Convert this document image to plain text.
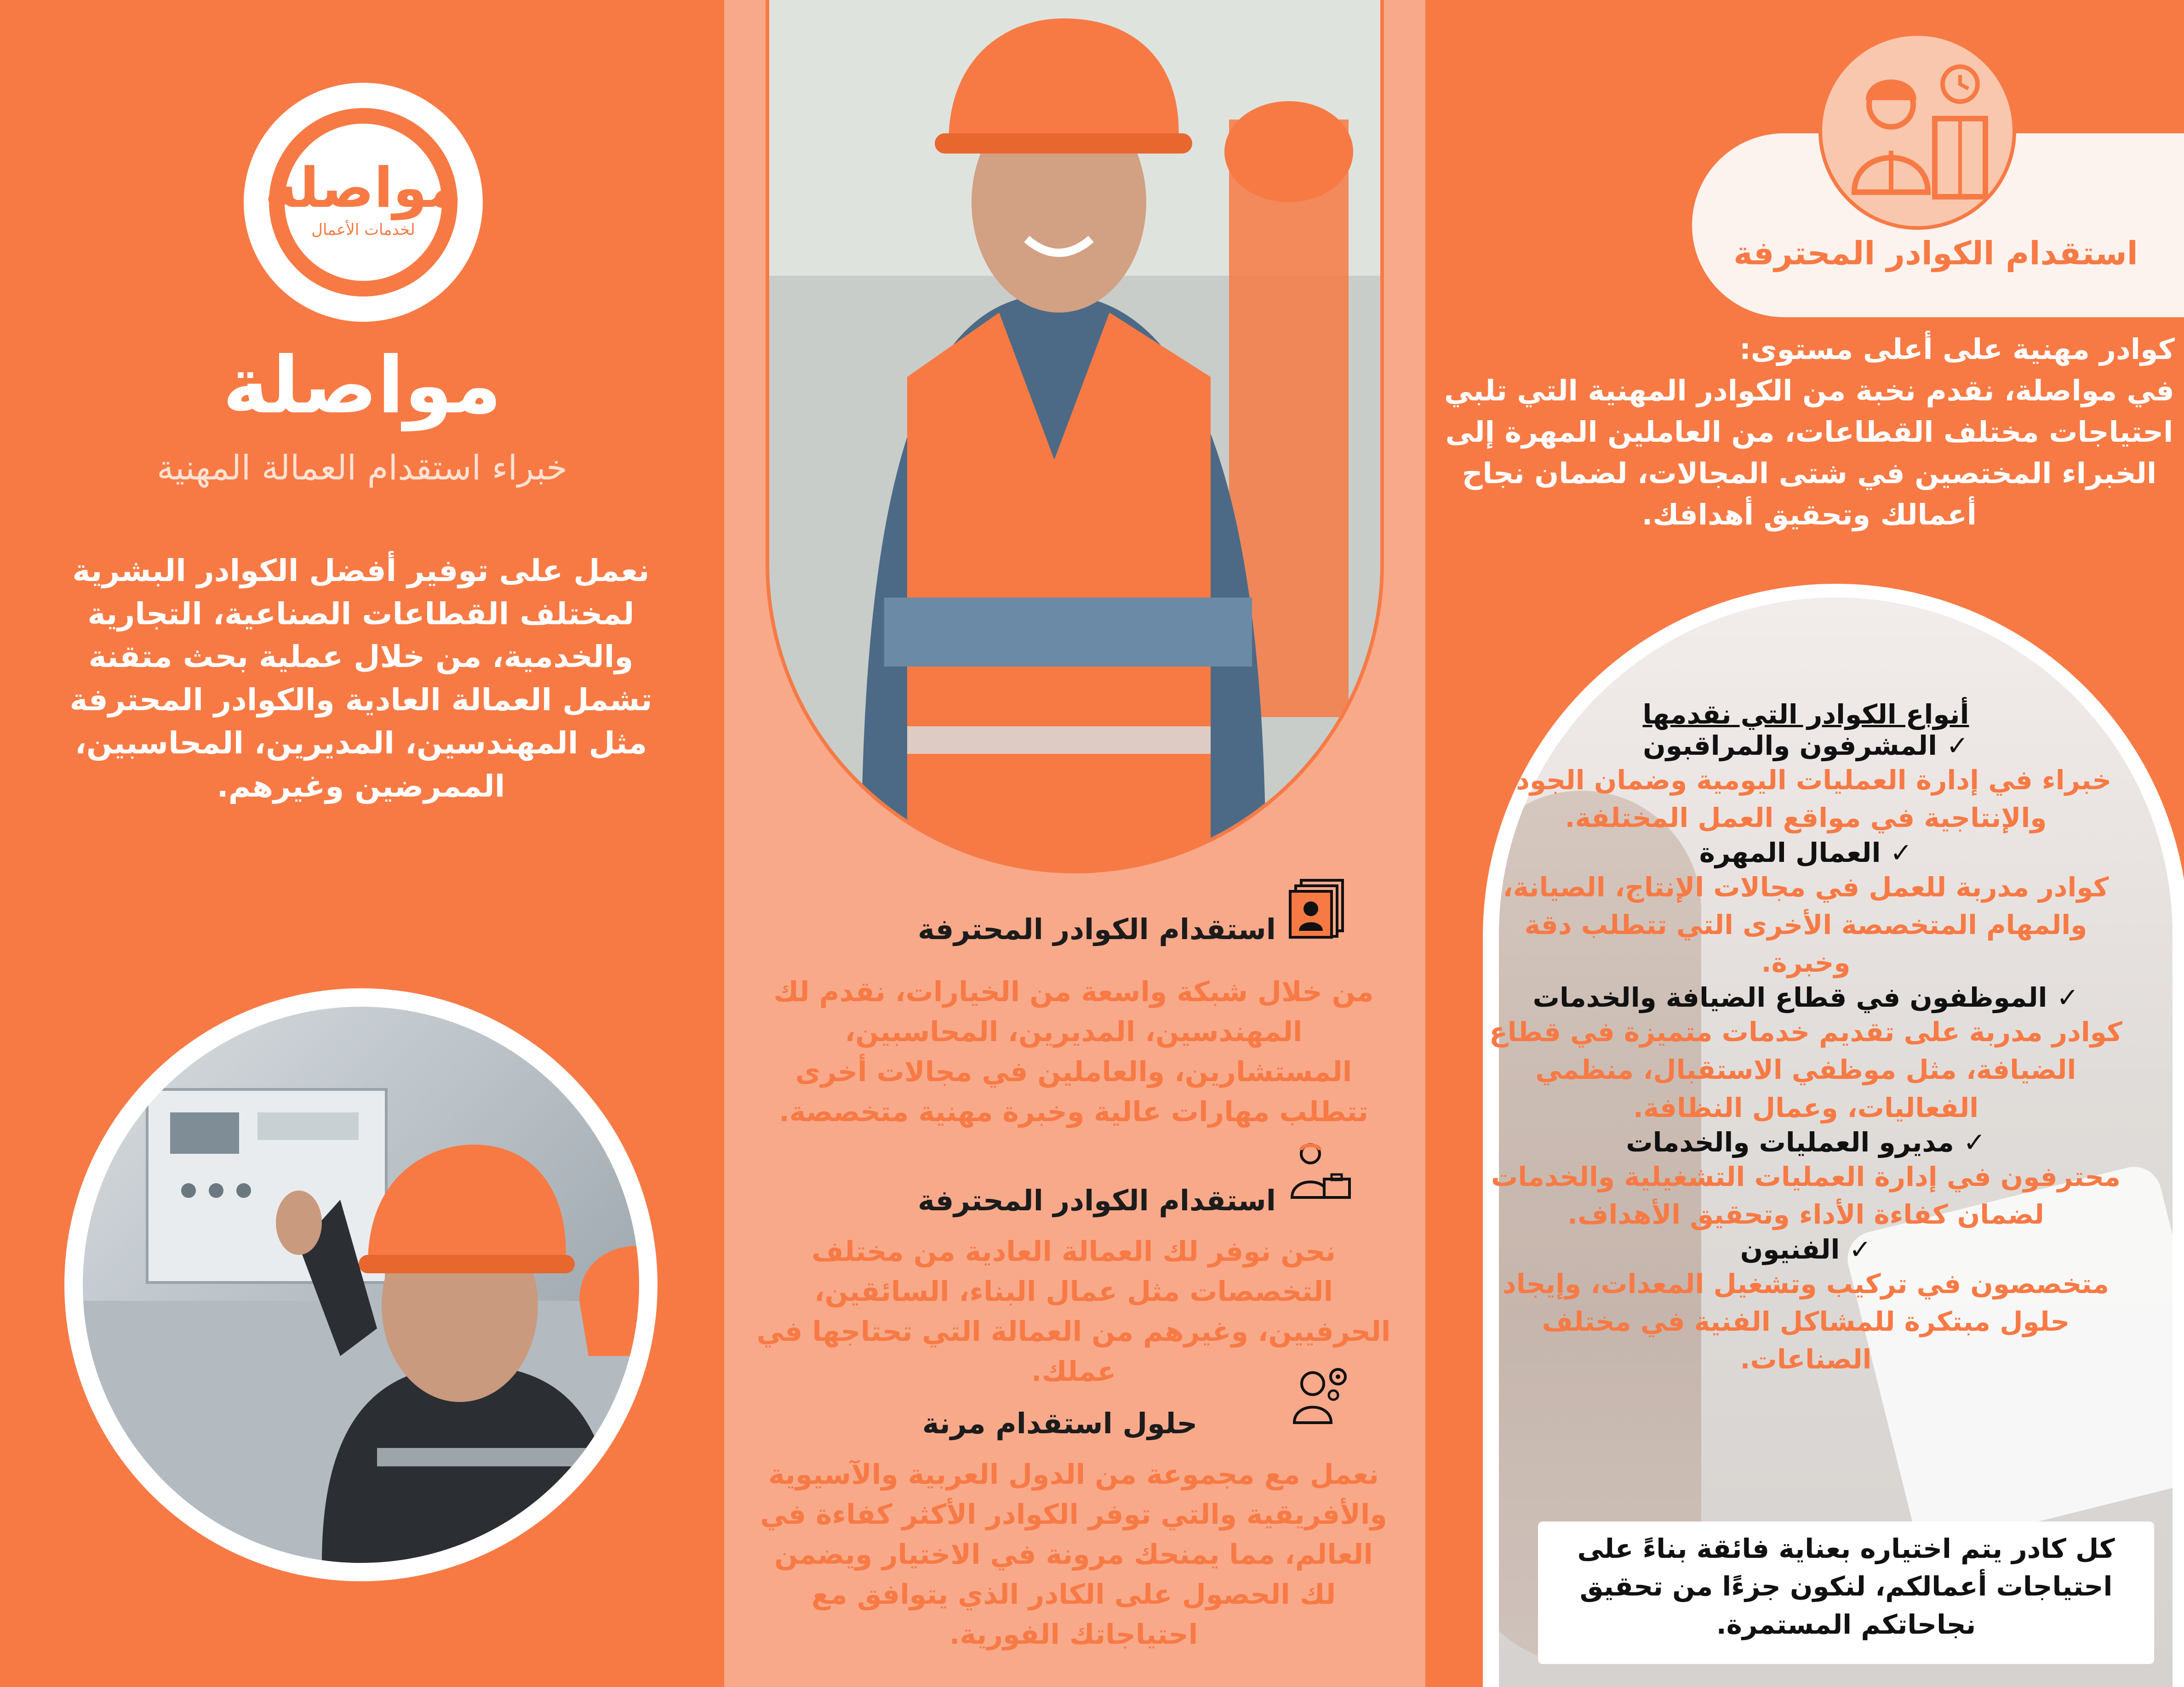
مواصلة
لخدمات الأعمال
مواصلة
خبراء استقدام العمالة المهنية
نعمل على توفير أفضل الكوادر البشرية لمختلف القطاعات الصناعية، التجارية والخدمية، من خلال عملية بحث متقنة تشمل العمالة العادية والكوادر المحترفة مثل المهندسين، المديرين، المحاسبين، الممرضين وغيرهم.
استقدام الكوادر المحترفة
من خلال شبكة واسعة من الخيارات، نقدم لك المهندسين، المديرين، المحاسبين، المستشارين، والعاملين في مجالات أخرى تتطلب مهارات عالية وخبرة مهنية متخصصة.
استقدام الكوادر المحترفة
نحن نوفر لك العمالة العادية من مختلف التخصصات مثل عمال البناء، السائقين، الحرفيين، وغيرهم من العمالة التي تحتاجها في عملك.
حلول استقدام مرنة
نعمل مع مجموعة من الدول العربية والآسيوية والأفريقية والتي توفر الكوادر الأكثر كفاءة في العالم، مما يمنحك مرونة في الاختيار ويضمن لك الحصول على الكادر الذي يتوافق مع احتياجاتك الفورية.
استقدام الكوادر المحترفة
كوادر مهنية على أعلى مستوى:
في مواصلة، نقدم نخبة من الكوادر المهنية التي تلبي احتياجات مختلف القطاعات، من العاملين المهرة إلى الخبراء المختصين في شتى المجالات، لضمان نجاح أعمالك وتحقيق أهدافك.
أنواع الكوادر التي نقدمها
✓ المشرفون والمراقبون
خبراء في إدارة العمليات اليومية وضمان الجودة والإنتاجية في مواقع العمل المختلفة.
✓ العمال المهرة
كوادر مدربة للعمل في مجالات الإنتاج، الصيانة، والمهام المتخصصة الأخرى التي تتطلب دقة وخبرة.
✓ الموظفون في قطاع الضيافة والخدمات
كوادر مدربة على تقديم خدمات متميزة في قطاع الضيافة، مثل موظفي الاستقبال، منظمي الفعاليات، وعمال النظافة.
✓ مديرو العمليات والخدمات
محترفون في إدارة العمليات التشغيلية والخدمات لضمان كفاءة الأداء وتحقيق الأهداف.
✓ الفنيون
متخصصون في تركيب وتشغيل المعدات، وإيجاد حلول مبتكرة للمشاكل الفنية في مختلف الصناعات.
كل كادر يتم اختياره بعناية فائقة بناءً على احتياجات أعمالكم، لنكون جزءًا من تحقيق نجاحاتكم المستمرة.
